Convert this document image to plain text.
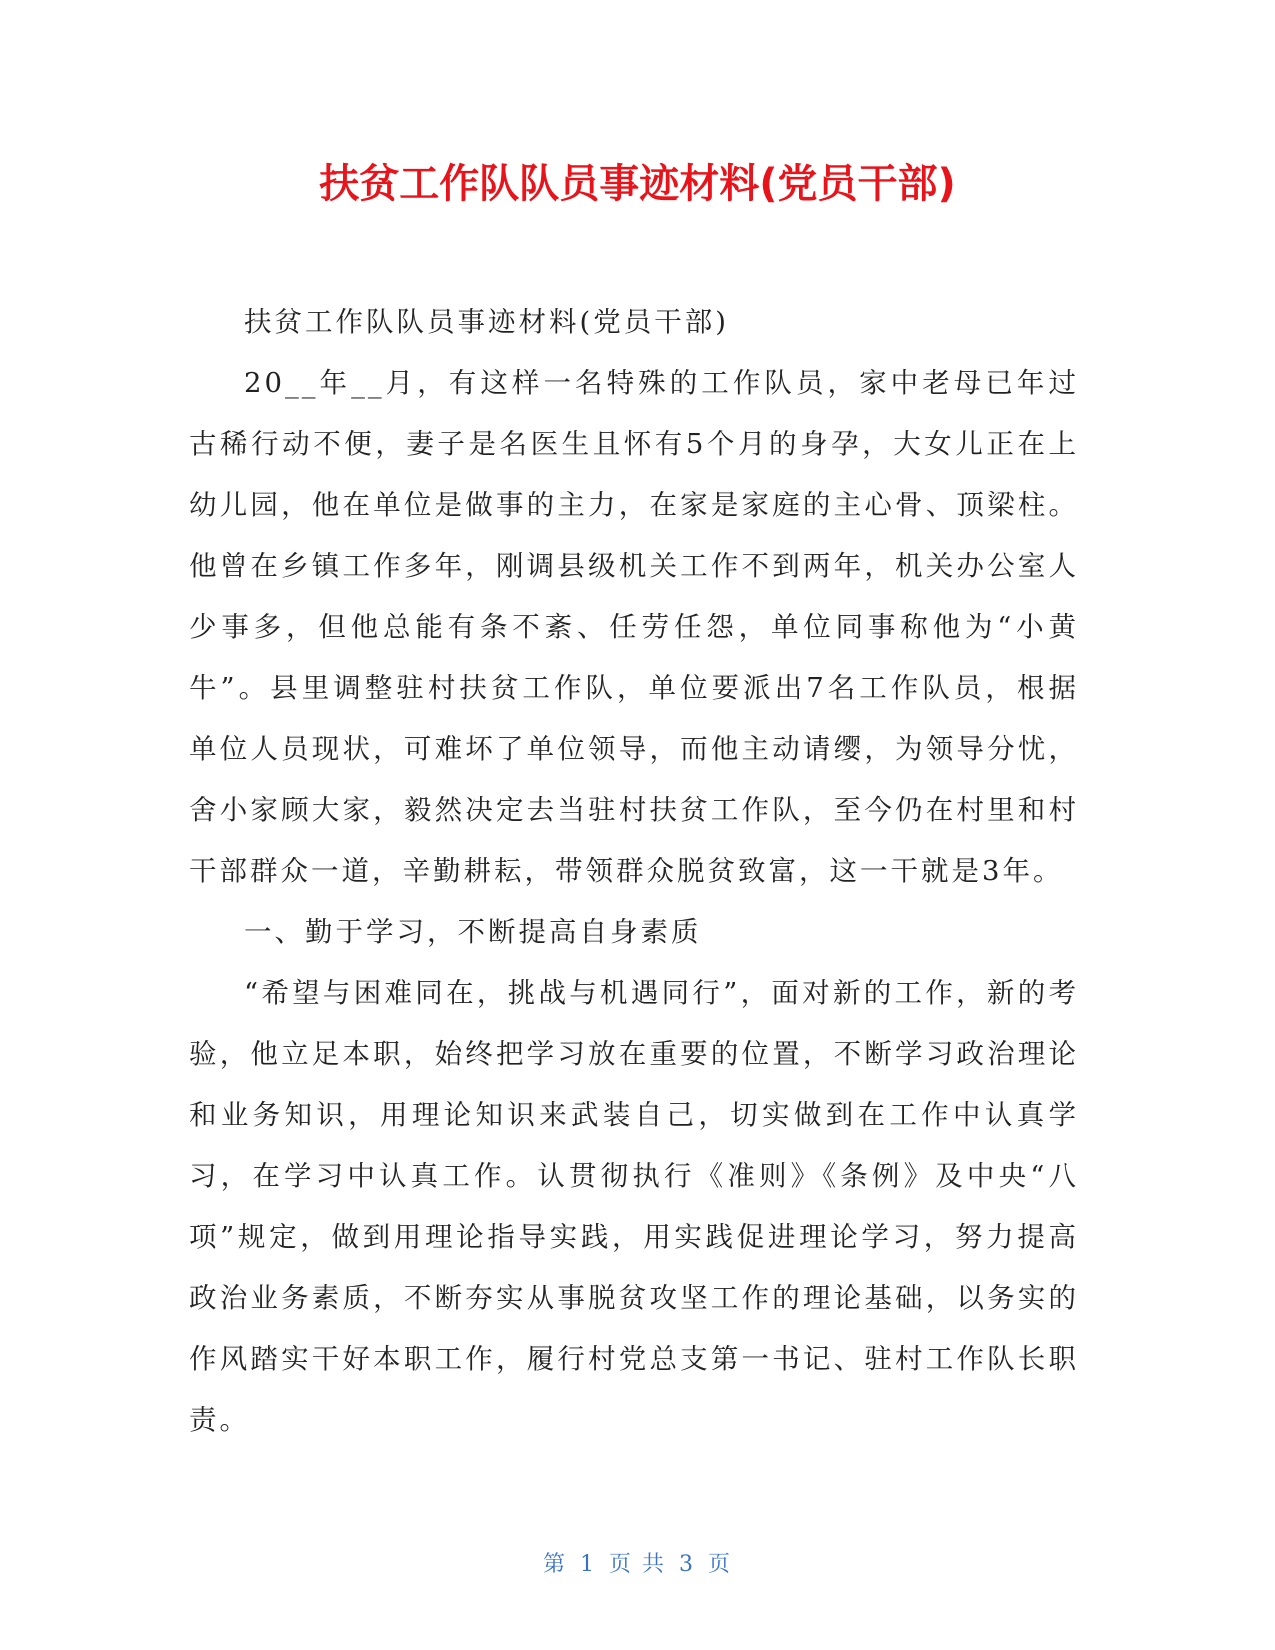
扶贫工作队队员事迹材料(党员干部)

扶贫工作队队员事迹材料(党员干部)

20__年__月，有这样一名特殊的工作队员，家中老母已年过古稀行动不便，妻子是名医生且怀有5个月的身孕，大女儿正在上幼儿园，他在单位是做事的主力，在家是家庭的主心骨、顶梁柱。他曾在乡镇工作多年，刚调县级机关工作不到两年，机关办公室人少事多，但他总能有条不紊、任劳任怨，单位同事称他为“小黄牛”。县里调整驻村扶贫工作队，单位要派出7名工作队员，根据单位人员现状，可难坏了单位领导，而他主动请缨，为领导分忧，舍小家顾大家，毅然决定去当驻村扶贫工作队，至今仍在村里和村干部群众一道，辛勤耕耘，带领群众脱贫致富，这一干就是3年。

一、勤于学习，不断提高自身素质

“希望与困难同在，挑战与机遇同行”，面对新的工作，新的考验，他立足本职，始终把学习放在重要的位置，不断学习政治理论和业务知识，用理论知识来武装自己，切实做到在工作中认真学习，在学习中认真工作。认贯彻执行《准则》《条例》及中央“八项”规定，做到用理论指导实践，用实践促进理论学习，努力提高政治业务素质，不断夯实从事脱贫攻坚工作的理论基础，以务实的作风踏实干好本职工作，履行村党总支第一书记、驻村工作队长职责。

第 1 页 共 3 页
